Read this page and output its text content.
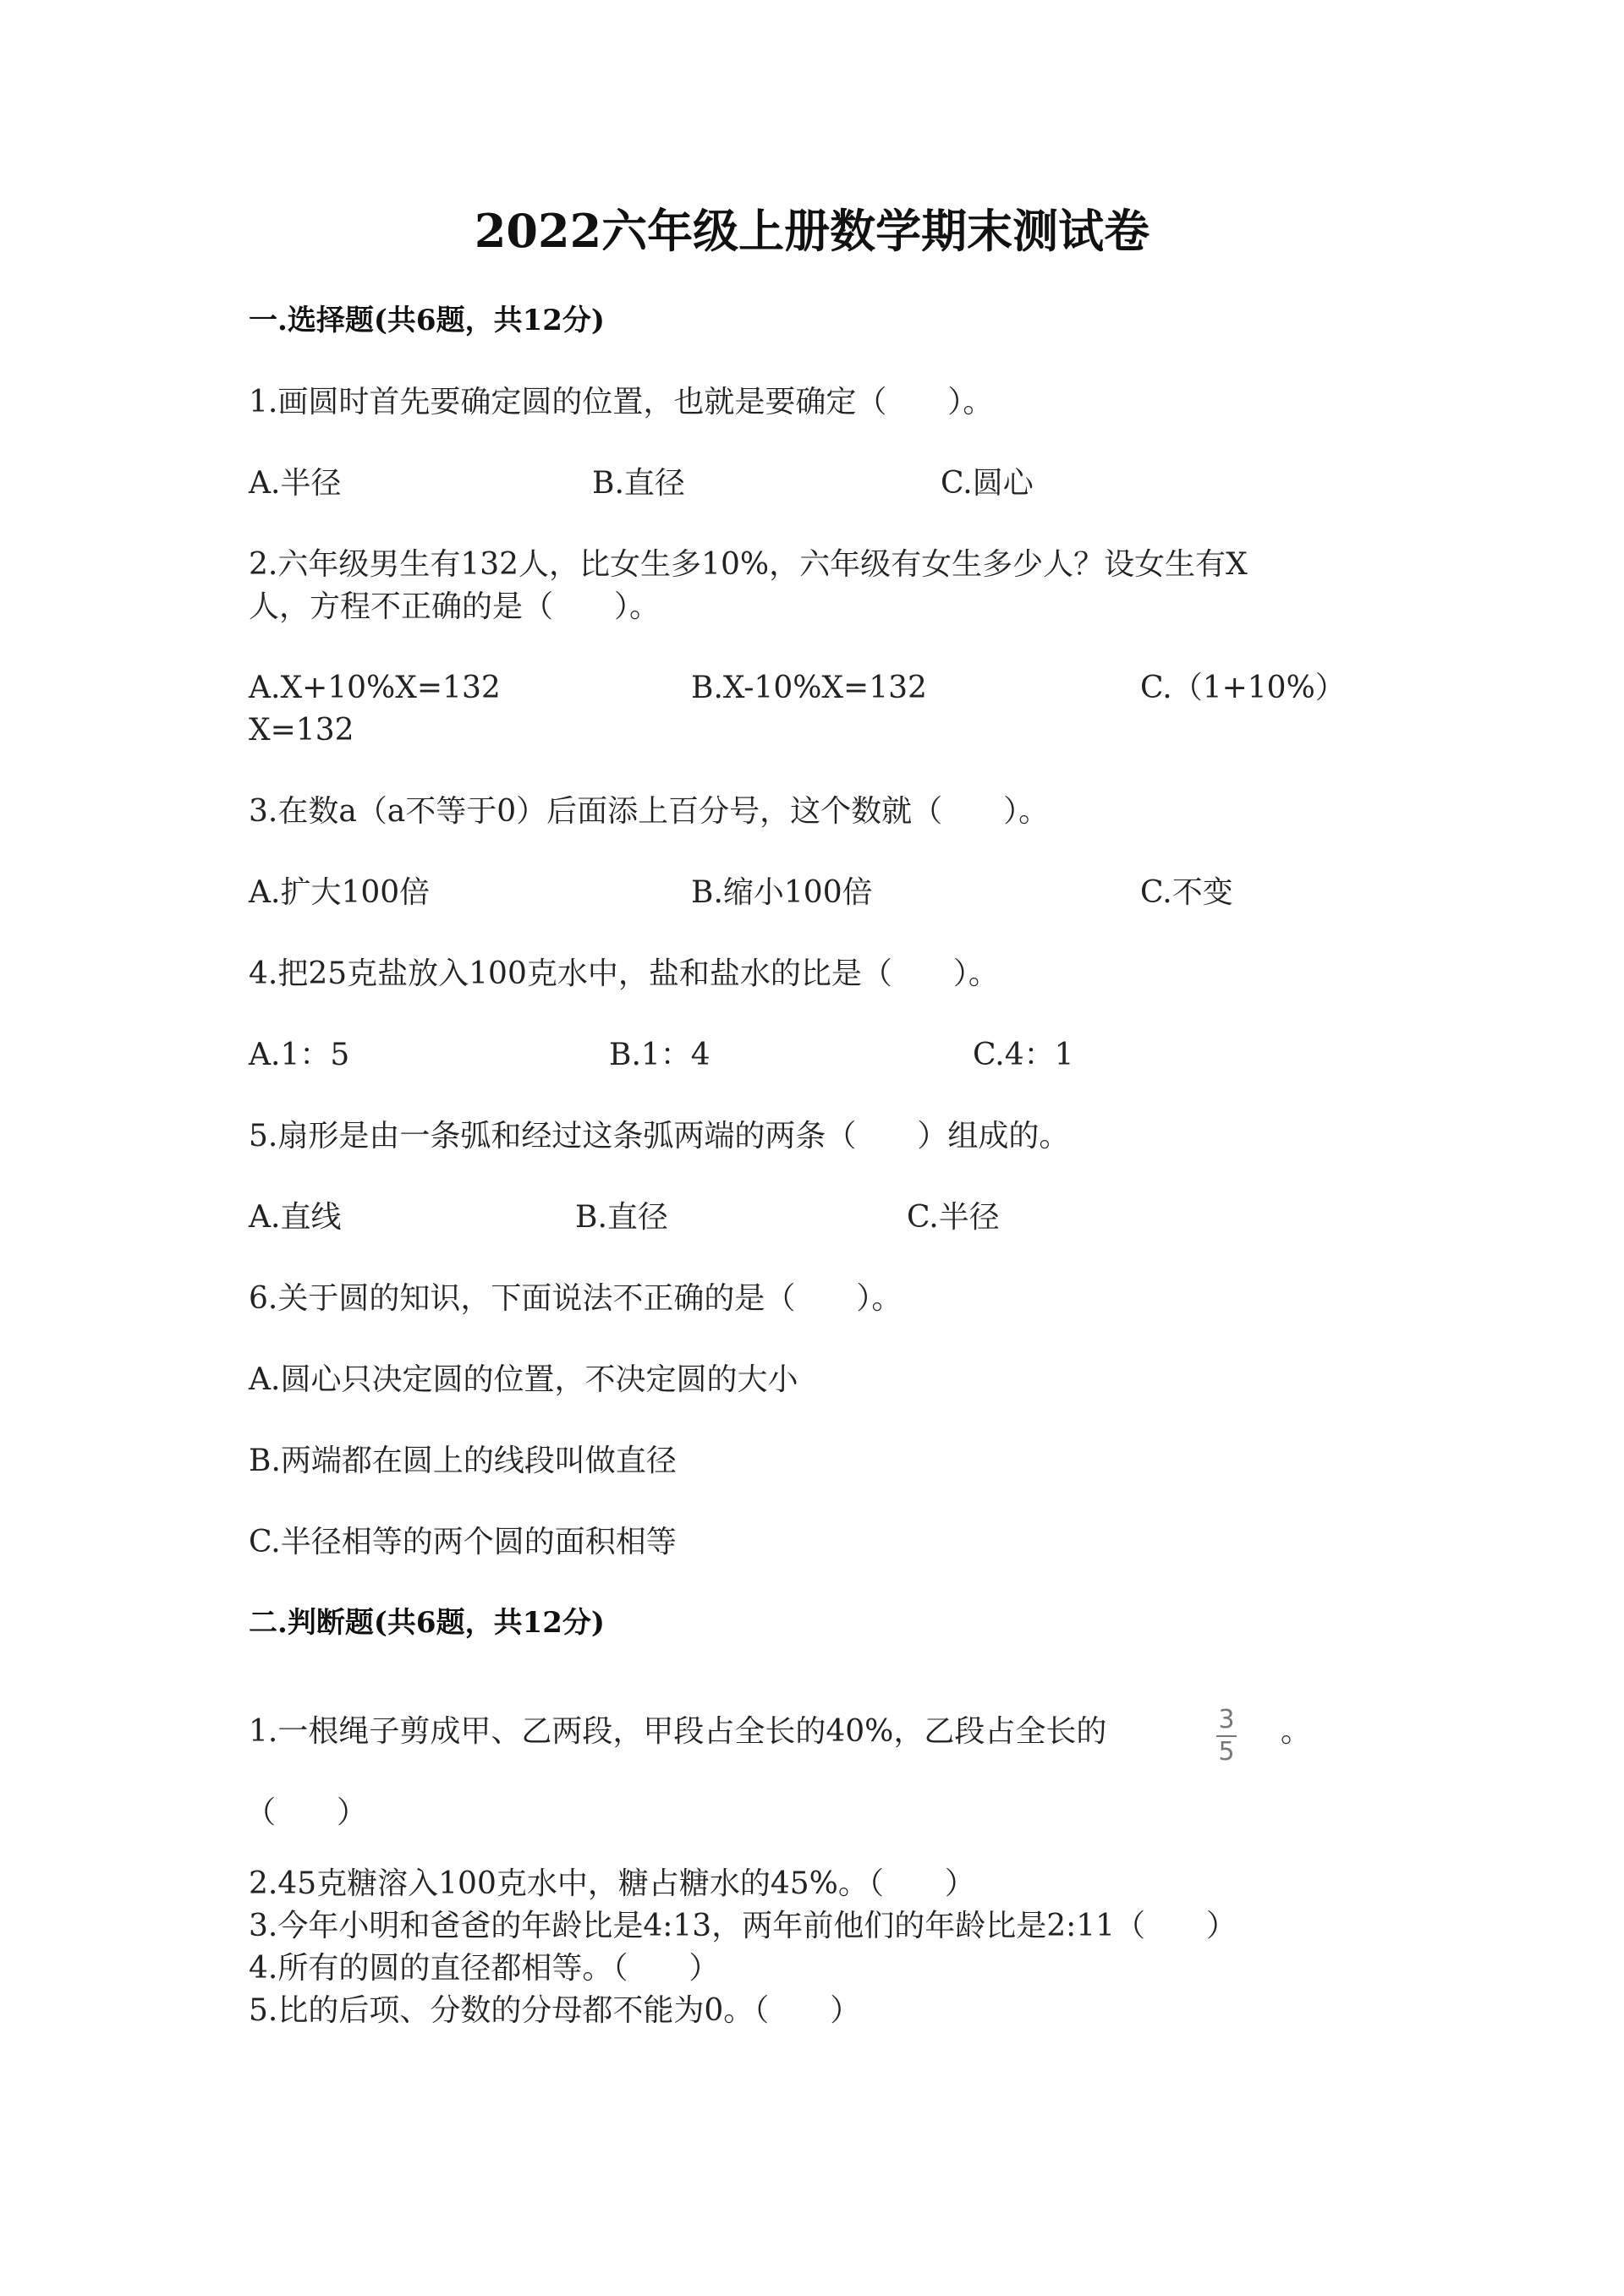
2022六年级上册数学期末测试卷
一.选择题(共6题，共12分)
1.画圆时首先要确定圆的位置，也就是要确定（　　）。
A.半径	B.直径	C.圆心
2.六年级男生有132人，比女生多10%，六年级有女生多少人？设女生有X
人，方程不正确的是（　　）。
A.X+10%X=132	B.X-10%X=132	C.（1+10%）
X=132
3.在数a（a不等于0）后面添上百分号，这个数就（　　）。
A.扩大100倍	B.缩小100倍	C.不变
4.把25克盐放入100克水中，盐和盐水的比是（　　）。
A.1：5	B.1：4	C.4：1
5.扇形是由一条弧和经过这条弧两端的两条（　　）组成的。
A.直线	B.直径	C.半径
6.关于圆的知识，下面说法不正确的是（　　）。
A.圆心只决定圆的位置，不决定圆的大小
B.两端都在圆上的线段叫做直径
C.半径相等的两个圆的面积相等
二.判断题(共6题，共12分)
1.一根绳子剪成甲、乙两段，甲段占全长的40%，乙段占全长的	3
5
。
（　　）
2.45克糖溶入100克水中，糖占糖水的45%。（　　）
3.今年小明和爸爸的年龄比是4:13，两年前他们的年龄比是2:11（　　）
4.所有的圆的直径都相等。（　　）
5.比的后项、分数的分母都不能为0。（　　）
